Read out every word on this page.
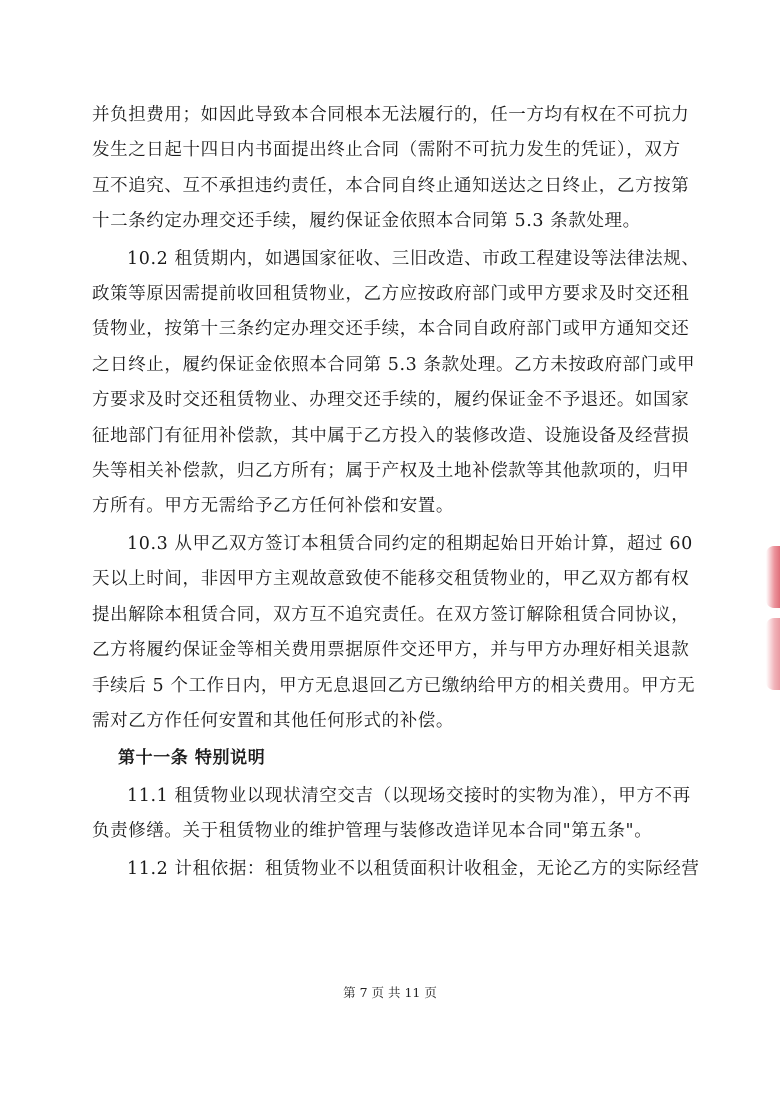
并负担费用；如因此导致本合同根本无法履行的，任一方均有权在不可抗力
发生之日起十四日内书面提出终止合同（需附不可抗力发生的凭证），双方
互不追究、互不承担违约责任，本合同自终止通知送达之日终止，乙方按第
十二条约定办理交还手续，履约保证金依照本合同第 5.3 条款处理。
10.2 租赁期内，如遇国家征收、三旧改造、市政工程建设等法律法规、
政策等原因需提前收回租赁物业，乙方应按政府部门或甲方要求及时交还租
赁物业，按第十三条约定办理交还手续，本合同自政府部门或甲方通知交还
之日终止，履约保证金依照本合同第 5.3 条款处理。乙方未按政府部门或甲
方要求及时交还租赁物业、办理交还手续的，履约保证金不予退还。如国家
征地部门有征用补偿款，其中属于乙方投入的装修改造、设施设备及经营损
失等相关补偿款，归乙方所有；属于产权及土地补偿款等其他款项的，归甲
方所有。甲方无需给予乙方任何补偿和安置。
10.3 从甲乙双方签订本租赁合同约定的租期起始日开始计算，超过 60
天以上时间，非因甲方主观故意致使不能移交租赁物业的，甲乙双方都有权
提出解除本租赁合同，双方互不追究责任。在双方签订解除租赁合同协议，
乙方将履约保证金等相关费用票据原件交还甲方，并与甲方办理好相关退款
手续后 5 个工作日内，甲方无息退回乙方已缴纳给甲方的相关费用。甲方无
需对乙方作任何安置和其他任何形式的补偿。
第十一条 特别说明
11.1 租赁物业以现状清空交吉（以现场交接时的实物为准），甲方不再
负责修缮。关于租赁物业的维护管理与装修改造详见本合同"第五条"。
11.2 计租依据：租赁物业不以租赁面积计收租金，无论乙方的实际经营
第 7 页 共 11 页
